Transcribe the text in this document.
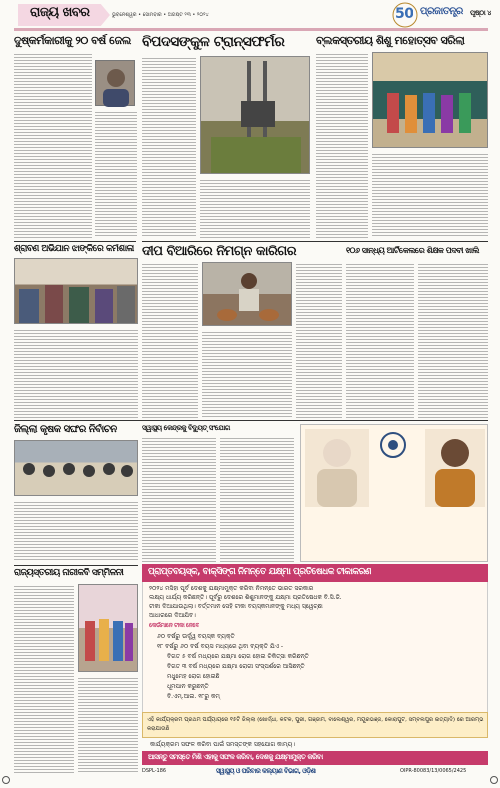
ରାଜ୍ୟ ଖବର	ଭୁବନେଶ୍ୱର • ସୋମବାର • ଅଗଷ୍ଟ ୨୩ • ୨୦୨୪	50 ପ୍ରଜାତନ୍ତ୍ର ପୃଷ୍ଠା ୪
ଦୁଷ୍କର୍ମକାରୀକୁ ୨୦ ବର୍ଷ ଜେଲ
ଶ୍ରାବଣ ଅଭିଯାନ ଝାଙ୍କିରେ କର୍ମଶାଳା
ବିପଦସଙ୍କୁଳ ଟ୍ରାନ୍ସଫର୍ମର	ବ୍ଲକସ୍ତରୀୟ ଶିଶୁ ମହୋତ୍ସବ ସରିଲା
ଦୀପ ବିଆରିରେ ନିମଗ୍ନ କାରିଗର	୧୦୬ ସାନ୍ଧ୍ୟ ଆର୍ଟିକେଲରେ ଶିକ୍ଷକ ପଦବୀ ଖାଲି
ଜିଲ୍ଲା କୃଷକ ସଙ୍ଘର ନିର୍ବାଚନ	ସ୍ୱାସ୍ଥ୍ୟ କେନ୍ଦ୍ରକୁ ବିଦ୍ୟୁତ୍ ସଂଯୋଗ
ପ୍ରାପ୍ତବୟସ୍କ, ବାକ୍ସିଙ୍ଗ ନିମନ୍ତେ ଯକ୍ଷ୍ମା ପ୍ରତିଷେଧକ ଟୀକାକରଣ
୨୦୨୪ ମସିହା ପୂର୍ବ ଦେଶକୁ ଯକ୍ଷ୍ମାମୁକ୍ତ କରିବା ନିମନ୍ତେ ଭାରତ ସରକାର
ଲକ୍ଷ୍ୟ ଧାର୍ଯ୍ୟ କରିଛନ୍ତି। ପୂର୍ବରୁ ଦେଶରେ ଶିଶୁମାନଙ୍କୁ ଯକ୍ଷ୍ମା ପ୍ରତିଷେଧକ ବି.ସି.ଜି.
ଟୀକା ଦିଆଯାଉଥିଲା। ବର୍ତ୍ତମାନ ସେହି ଟୀକା ବୟସ୍କମାନଙ୍କୁ ମଧ୍ୟ ସ୍ୱେଚ୍ଛା
ଆଧାରରେ ଦିଆଯିବ।
କେଉଁମାନେ ଟୀକା ନେବେ
୬୦ ବର୍ଷରୁ ଊର୍ଦ୍ଧ୍ୱ ବୟସ୍କ ବ୍ୟକ୍ତି
୧୮ ବର୍ଷରୁ ୬୦ ବର୍ଷ ବୟସ ମଧ୍ୟରେ ଥିବା ବ୍ୟକ୍ତି ଯିଏ -
ବିଗତ ୫ ବର୍ଷ ମଧ୍ୟରେ ଯକ୍ଷ୍ମା ରୋଗ ହୋଇ ଚିକିତ୍ସା କରିଛନ୍ତି
ବିଗତ ୩ ବର୍ଷ ମଧ୍ୟରେ ଯକ୍ଷ୍ମା ରୋଗୀ ସଂସ୍ପର୍ଶରେ ଆସିଛନ୍ତି
ମଧୁମେହ ରୋଗ ହୋଇଛି
ଧୂମପାନ କରୁଛନ୍ତି
ବି.ଏମ୍.ଆଇ. ୧୮ରୁ କମ୍
ଏହି କାର୍ଯ୍ୟକ୍ରମ ପ୍ରଥମ ପର୍ଯ୍ୟାୟରେ ୧୫ଟି ଜିଲ୍ଲା (ଖୋର୍ଦ୍ଧା, କଟକ, ପୁରୀ, ଗଞ୍ଜାମ, ବାଲେଶ୍ୱର, ମୟୂରଭଞ୍ଜ, କୋରାପୁଟ, ସମ୍ବଲପୁର ଇତ୍ୟାଦି) ରେ ଆରମ୍ଭ କରାଯାଉଛି
କାର୍ଯ୍ୟକ୍ରମ ସଫଳ କରିବା ପାଇଁ ସମସ୍ତଙ୍କ ସହଯୋଗ କାମ୍ୟ।
ଆସନ୍ତୁ ସମସ୍ତେ ମିଶି ଏହାକୁ ସଫଳ କରିବା, ଦେଶକୁ ଯକ୍ଷ୍ମାମୁକ୍ତ କରିବା
DSPL-186	ସ୍ୱାସ୍ଥ୍ୟ ଓ ପରିବାର କଲ୍ୟାଣ ବିଭାଗ, ଓଡ଼ିଶା	OIPR-80083/13/0065/2425
ରାଜ୍ୟସ୍ତରୀୟ ନାରୀକବି ସମ୍ମିଳନୀ
